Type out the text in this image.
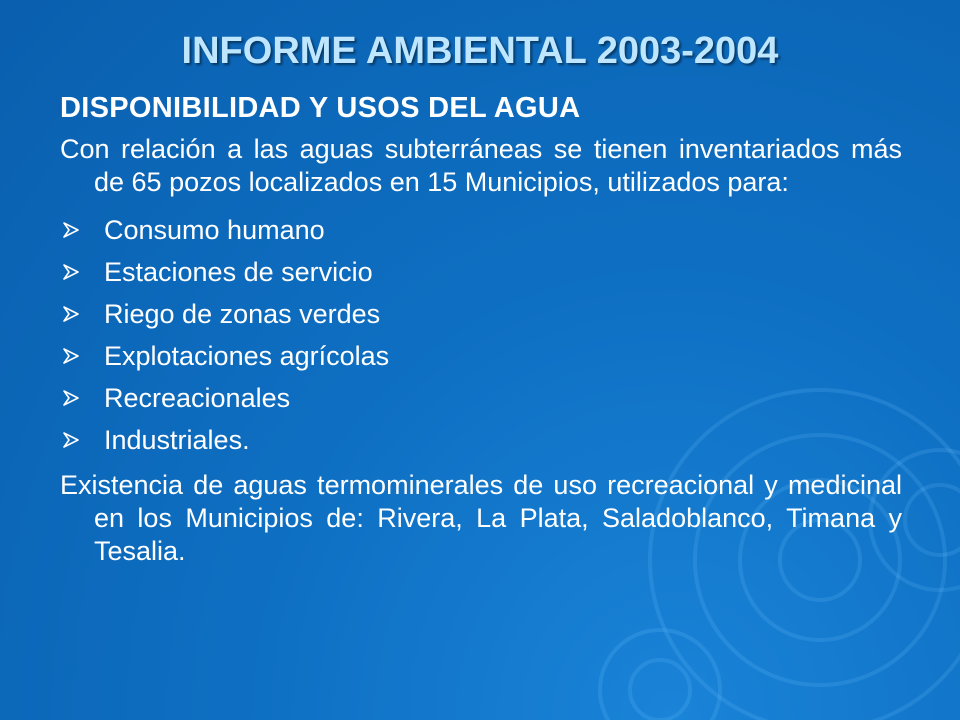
INFORME AMBIENTAL 2003-2004
DISPONIBILIDAD Y USOS DEL AGUA

Con relación a las aguas subterráneas se tienen inventariados más de 65 pozos localizados en 15 Municipios, utilizados para:

Consumo humano
Estaciones de servicio
Riego de zonas verdes
Explotaciones agrícolas
Recreacionales
Industriales.

Existencia de aguas termominerales de uso recreacional y medicinal en los Municipios de: Rivera, La Plata, Saladoblanco, Timana y Tesalia.
